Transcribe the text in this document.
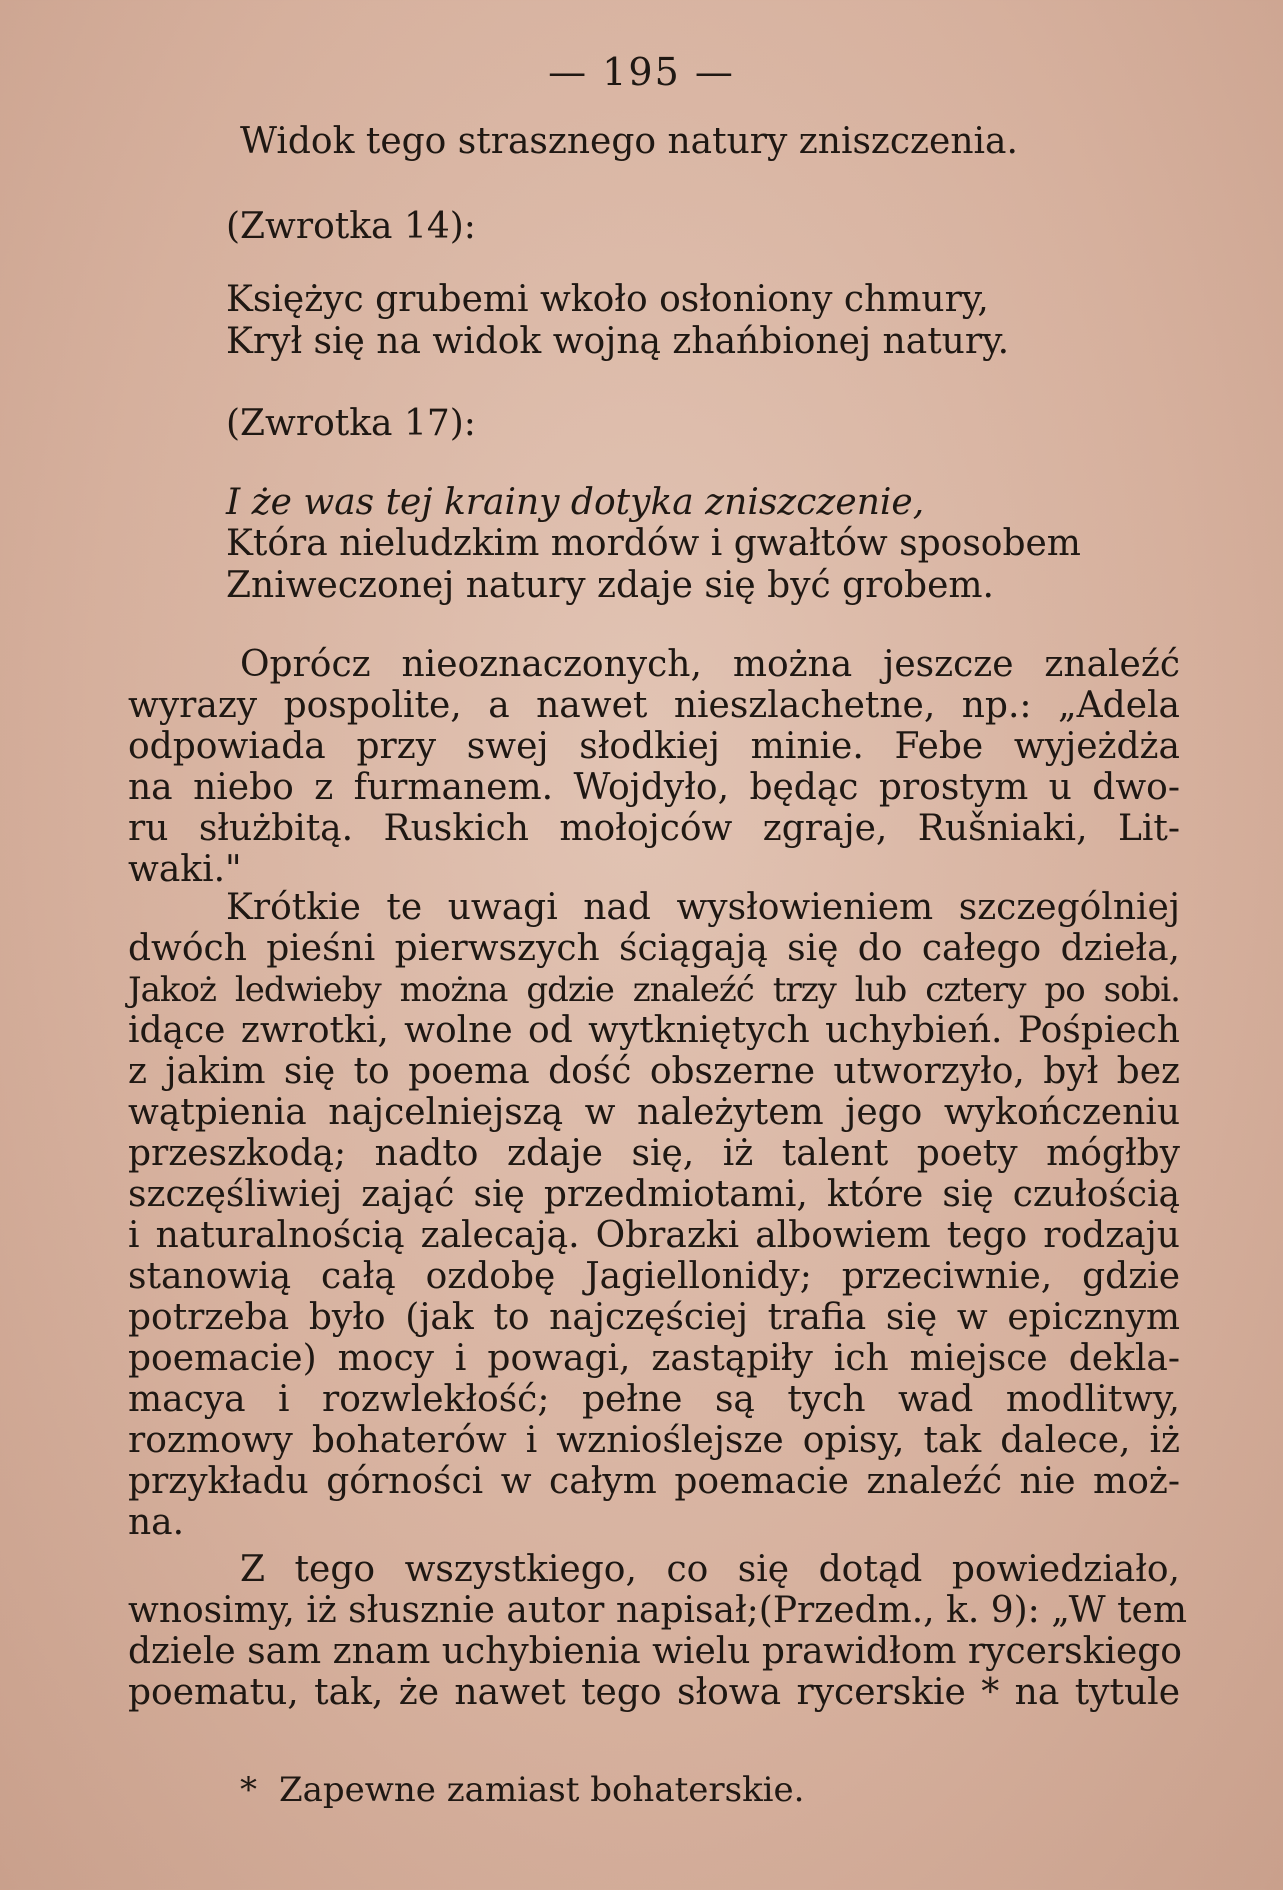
— 195 —
Widok tego strasznego natury zniszczenia.
(Zwrotka 14):
Księżyc grubemi wkoło osłoniony chmury,
Krył się na widok wojną zhańbionej natury.
(Zwrotka 17):
I że was tej krainy dotyka zniszczenie,
Która nieludzkim mordów i gwałtów sposobem
Zniweczonej natury zdaje się być grobem.
Oprócz nieoznaczonych, można jeszcze znaleźć
wyrazy pospolite, a nawet nieszlachetne, np.: „Adela
odpowiada przy swej słodkiej minie. Febe wyjeżdża
na niebo z furmanem. Wojdyło, będąc prostym u dwo-
ru służbitą. Ruskich mołojców zgraje, Rušniaki, Lit-
waki."
Krótkie te uwagi nad wysłowieniem szczególniej
dwóch pieśni pierwszych ściągają się do całego dzieła,
Jakoż ledwieby można gdzie znaleźć trzy lub cztery po sobi.
idące zwrotki, wolne od wytkniętych uchybień. Pośpiech
z jakim się to poema dość obszerne utworzyło, był bez
wątpienia najcelniejszą w należytem jego wykończeniu
przeszkodą; nadto zdaje się, iż talent poety mógłby
szczęśliwiej zająć się przedmiotami, które się czułością
i naturalnością zalecają. Obrazki albowiem tego rodzaju
stanowią całą ozdobę Jagiellonidy; przeciwnie, gdzie
potrzeba było (jak to najczęściej trafia się w epicznym
poemacie) mocy i powagi, zastąpiły ich miejsce dekla-
macya i rozwlekłość; pełne są tych wad modlitwy,
rozmowy bohaterów i wznioślejsze opisy, tak dalece, iż
przykładu górności w całym poemacie znaleźć nie moż-
na.
Z tego wszystkiego, co się dotąd powiedziało,
wnosimy, iż słusznie autor napisał;(Przedm., k. 9): „W tem
dziele sam znam uchybienia wielu prawidłom rycerskiego
poematu, tak, że nawet tego słowa rycerskie * na tytule
* Zapewne zamiast bohaterskie.
